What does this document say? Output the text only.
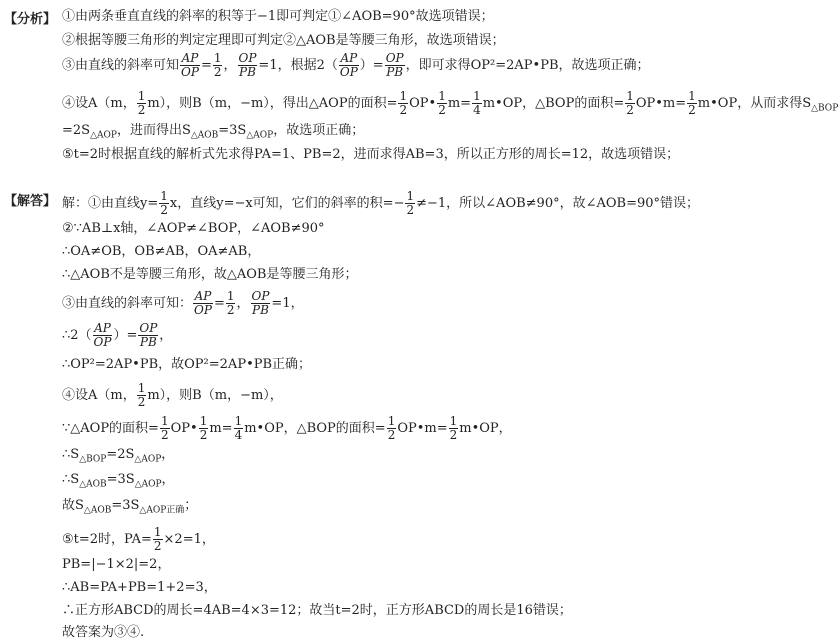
【分析】 ①由两条垂直直线的斜率的积等于−1即可判定①∠AOB=90°故选项错误；
②根据等腰三角形的判定定理即可判定②△AOB是等腰三角形，故选项错误；
③由直线的斜率可知 $\frac{AP}{OP} = \frac{1}{2}$ ， $\frac{OP}{PB} =1$，根据$2( \frac{AP}{OP}$ ）= $\frac{OP}{PB}$ ，即可求得OP²=2AP•PB，故选项正确；
④设A（m， $\frac{1}{2} m$），则B（m，−m），得出△AOP的面积= $\frac{1}{2}$ OP• $\frac{1}{2} m= \frac{1}{4}$ m•OP，△BOP的面积= $\frac{1}{2}$ OP•m= $\frac{1}{2}$ m•OP，从而求得$S_{\triangle BOP}$
$=2S_{\triangle AOP}$，进而得出$S_{\triangle AOB}=3S_{\triangle AOP}$，故选项正确；
⑤t=2时根据直线的解析式先求得PA=1、PB=2，进而求得AB=3，所以正方形的周长=12，故选项错误；
【解答】 解：①由直线$y= \frac{1}{2}$ x，直线y=−x可知，它们的斜率的积=− $\frac{1}{2} \ne-1$，所以∠AOB≠90°，故∠AOB=90°错误；
②∵AB⊥x轴，∠AOP≠∠BOP，∠AOB≠90°
∴OA≠OB，OB≠AB，OA≠AB，
∴△AOB不是等腰三角形，故△AOB是等腰三角形；
③由直线的斜率可知： $\frac{AP}{OP} = \frac{1}{2}$ ， $\frac{OP}{PB} =1$，
∴2（ $\frac{AP}{OP}$ ）= $\frac{OP}{PB}$ ，
∴OP²=2AP•PB，故OP²=2AP•PB正确；
④设A（m， $\frac{1}{2} m$），则B（m，−m），
∵△AOP的面积= $\frac{1}{2}$ OP• $\frac{1}{2} m= \frac{1}{4}$ m•OP，△BOP的面积= $\frac{1}{2}$ OP•m= $\frac{1}{2}$ m•OP，
$\therefore S_{\triangle BOP}=2S_{\triangle AOP}$，
$\therefore S_{\triangle AOB}=3S_{\triangle AOP}$，
故$S_{\triangle AOB}=3S_{\triangle AOP正确}$；
⑤t=2时，$PA= \frac{1}{2} \times 2=1$，
PB=|−1×2|=2，
∴AB=PA+PB=1+2=3，
∴正方形ABCD的周长=4AB=4×3=12；故当t=2时，正方形ABCD的周长是16错误；
故答案为③④.
